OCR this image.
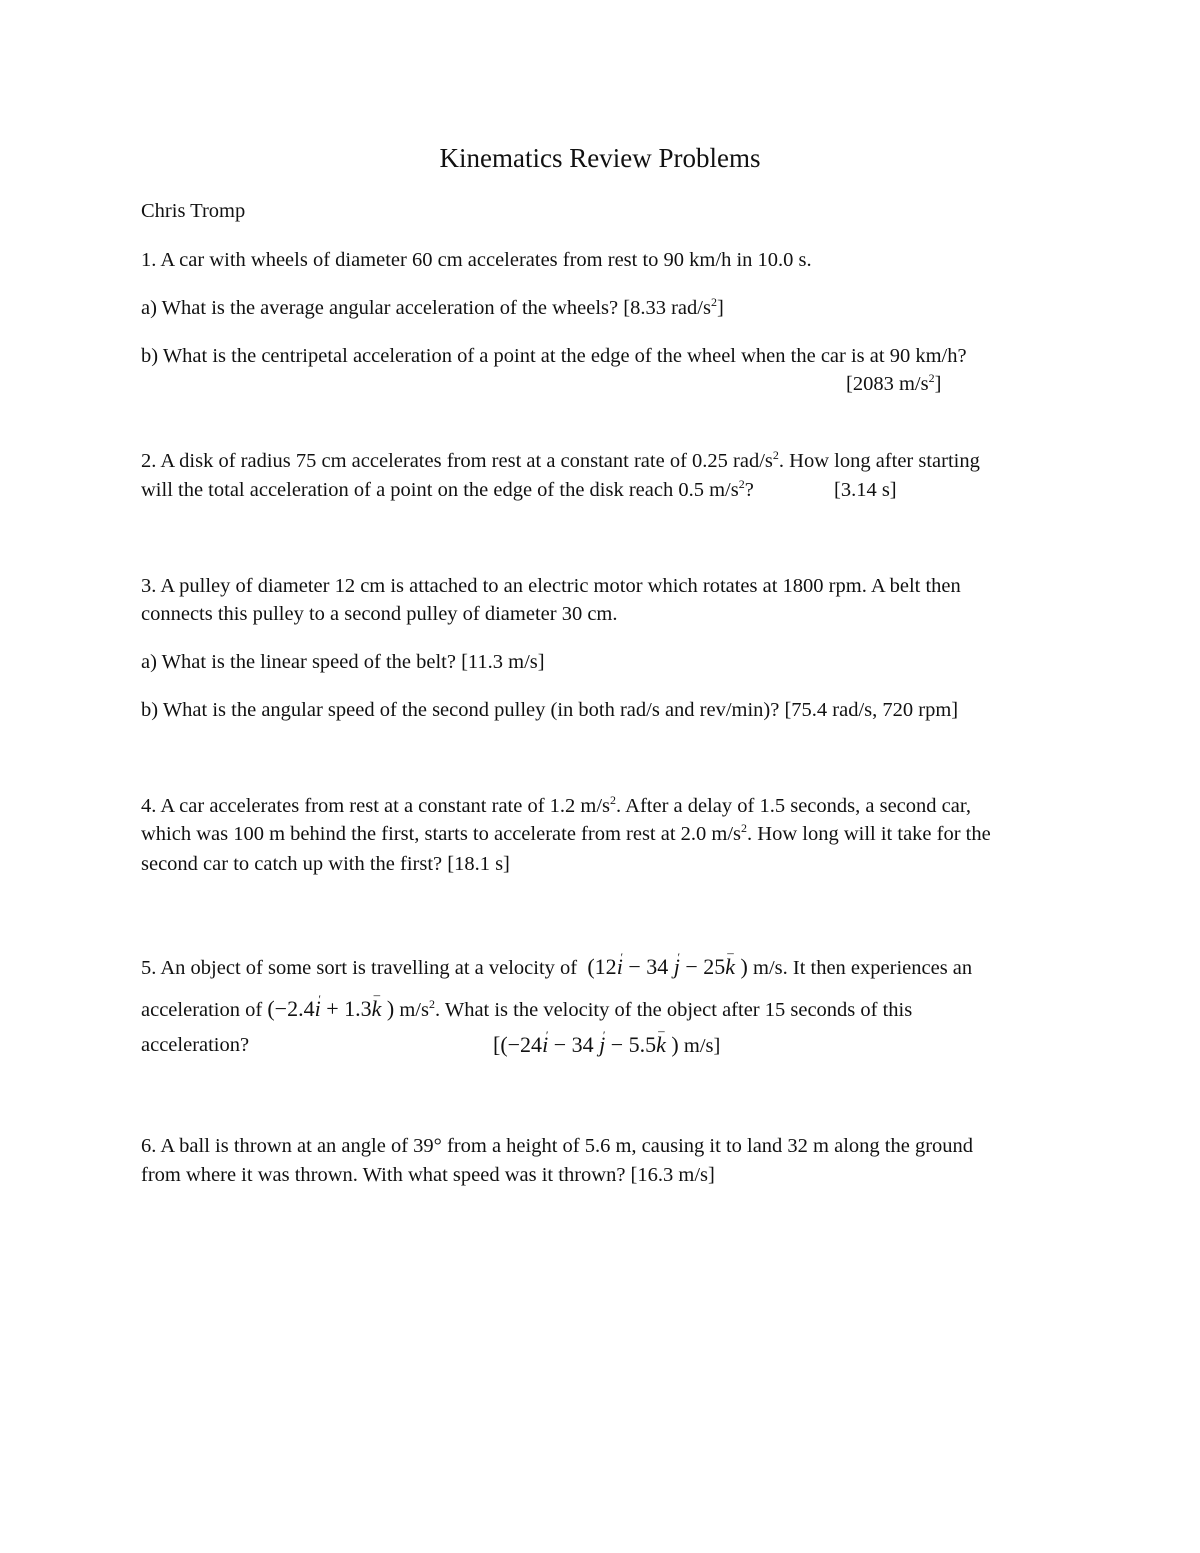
Kinematics Review Problems
Chris Tromp
1. A car with wheels of diameter 60 cm accelerates from rest to 90 km/h in 10.0 s.
a) What is the average angular acceleration of the wheels? [8.33 rad/$s^2$]
b) What is the centripetal acceleration of a point at the edge of the wheel when the car is at 90 km/h?
[2083 $m/s^2$]
2. A disk of radius 75 cm accelerates from rest at a constant rate of 0.25 rad/$s^2$. How long after starting
will the total acceleration of a point on the edge of the disk reach 0.5 $m/s^2$?	[3.14 s]
3. A pulley of diameter 12 cm is attached to an electric motor which rotates at 1800 rpm. A belt then
connects this pulley to a second pulley of diameter 30 cm.
a) What is the linear speed of the belt? [11.3 m/s]
b) What is the angular speed of the second pulley (in both rad/s and rev/min)? [75.4 rad/s, 720 rpm]
4. A car accelerates from rest at a constant rate of 1.2 $m/s^2$. After a delay of 1.5 seconds, a second car,
which was 100 m behind the first, starts to accelerate from rest at 2.0 $m/s^2$. How long will it take for the
second car to catch up with the first? [18.1 s]
5. An object of some sort is travelling at a velocity of (12i ′ − 34 j ′ − 25k – ) m/s. It then experiences an
acceleration of (−2.4i ′ + 1.3k – ) $m/s^2$. What is the velocity of the object after 15 seconds of this
acceleration?	[(−24i ′ − 34 j ′ − 5.5k – ) m/s]
6. A ball is thrown at an angle of 39° from a height of 5.6 m, causing it to land 32 m along the ground
from where it was thrown. With what speed was it thrown? [16.3 m/s]
